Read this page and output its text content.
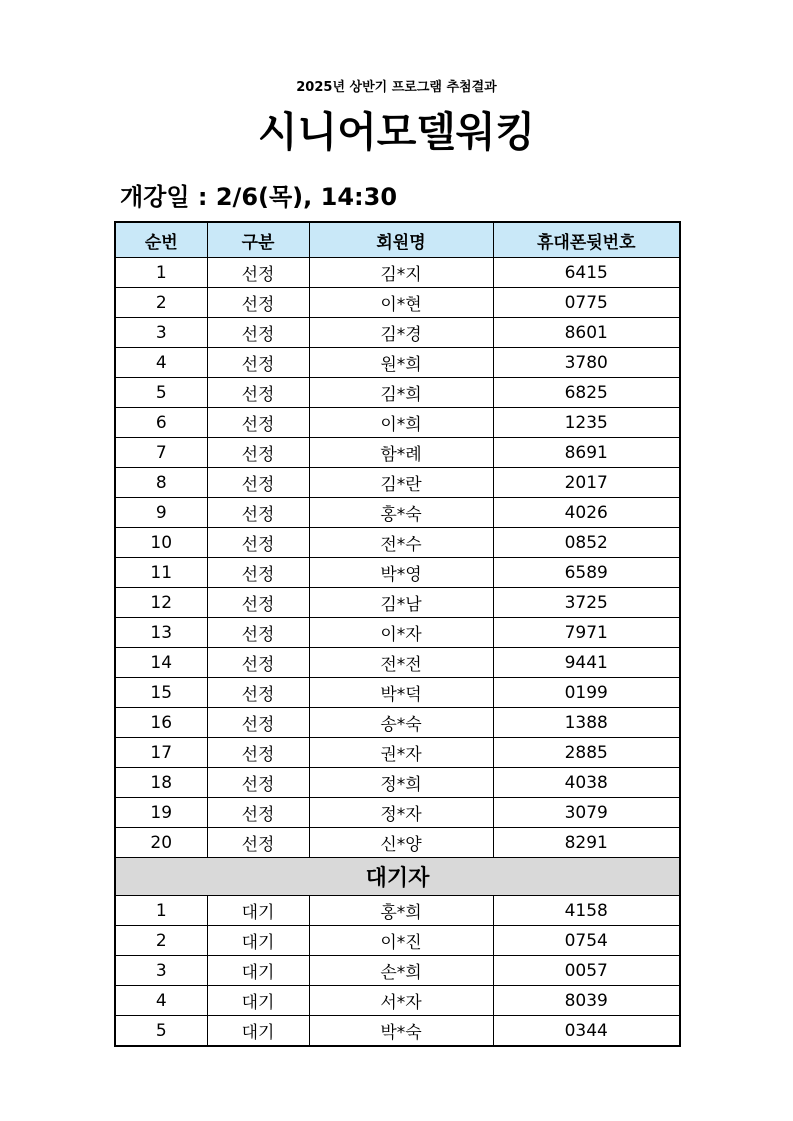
2025년 상반기 프로그램 추첨결과
시니어모델워킹
개강일 : 2/6(목), 14:30
순번	구분	회원명	휴대폰뒷번호
1	선정	김*지	6415
2	선정	이*현	0775
3	선정	김*경	8601
4	선정	원*희	3780
5	선정	김*희	6825
6	선정	이*희	1235
7	선정	함*례	8691
8	선정	김*란	2017
9	선정	홍*숙	4026
10	선정	전*수	0852
11	선정	박*영	6589
12	선정	김*남	3725
13	선정	이*자	7971
14	선정	전*전	9441
15	선정	박*덕	0199
16	선정	송*숙	1388
17	선정	권*자	2885
18	선정	정*희	4038
19	선정	정*자	3079
20	선정	신*양	8291
대기자			
1	대기	홍*희	4158
2	대기	이*진	0754
3	대기	손*희	0057
4	대기	서*자	8039
5	대기	박*숙	0344
